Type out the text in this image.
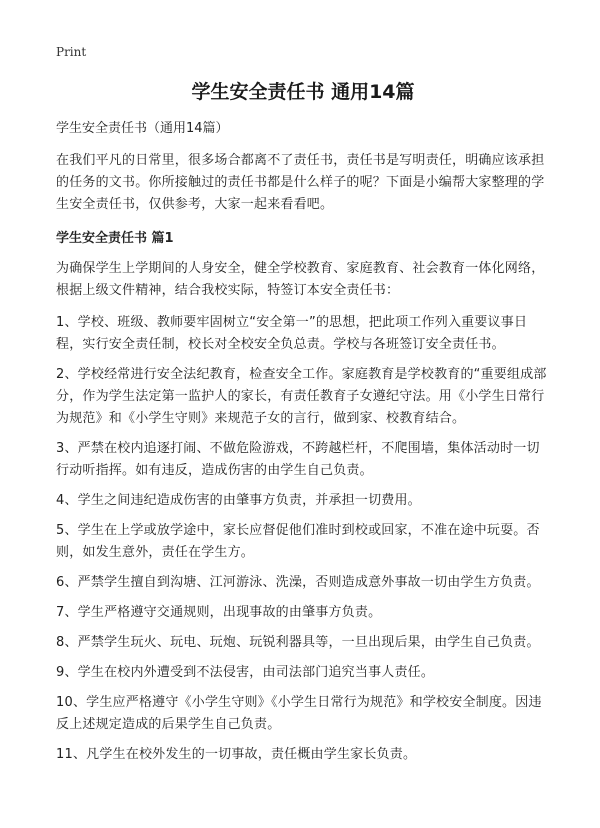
Print
学生安全责任书 通用14篇

学生安全责任书（通用14篇）

在我们平凡的日常里，很多场合都离不了责任书，责任书是写明责任，明确应该承担的任务的文书。你所接触过的责任书都是什么样子的呢？下面是小编帮大家整理的学生安全责任书，仅供参考，大家一起来看看吧。

学生安全责任书 篇1

为确保学生上学期间的人身安全，健全学校教育、家庭教育、社会教育一体化网络，根据上级文件精神，结合我校实际，特签订本安全责任书：

1、学校、班级、教师要牢固树立“安全第一”的思想，把此项工作列入重要议事日程，实行安全责任制，校长对全校安全负总责。学校与各班签订安全责任书。

2、学校经常进行安全法纪教育，检查安全工作。家庭教育是学校教育的“重要组成部分，作为学生法定第一监护人的家长，有责任教育子女遵纪守法。用《小学生日常行为规范》和《小学生守则》来规范子女的言行，做到家、校教育结合。

3、严禁在校内追逐打闹、不做危险游戏，不跨越栏杆，不爬围墙，集体活动时一切行动听指挥。如有违反，造成伤害的由学生自己负责。

4、学生之间违纪造成伤害的由肇事方负责，并承担一切费用。

5、学生在上学或放学途中，家长应督促他们准时到校或回家，不准在途中玩耍。否则，如发生意外，责任在学生方。

6、严禁学生擅自到沟塘、江河游泳、洗澡，否则造成意外事故一切由学生方负责。

7、学生严格遵守交通规则，出现事故的由肇事方负责。

8、严禁学生玩火、玩电、玩炮、玩锐利器具等，一旦出现后果，由学生自己负责。

9、学生在校内外遭受到不法侵害，由司法部门追究当事人责任。

10、学生应严格遵守《小学生守则》《小学生日常行为规范》和学校安全制度。因违反上述规定造成的后果学生自己负责。

11、凡学生在校外发生的一切事故，责任概由学生家长负责。
